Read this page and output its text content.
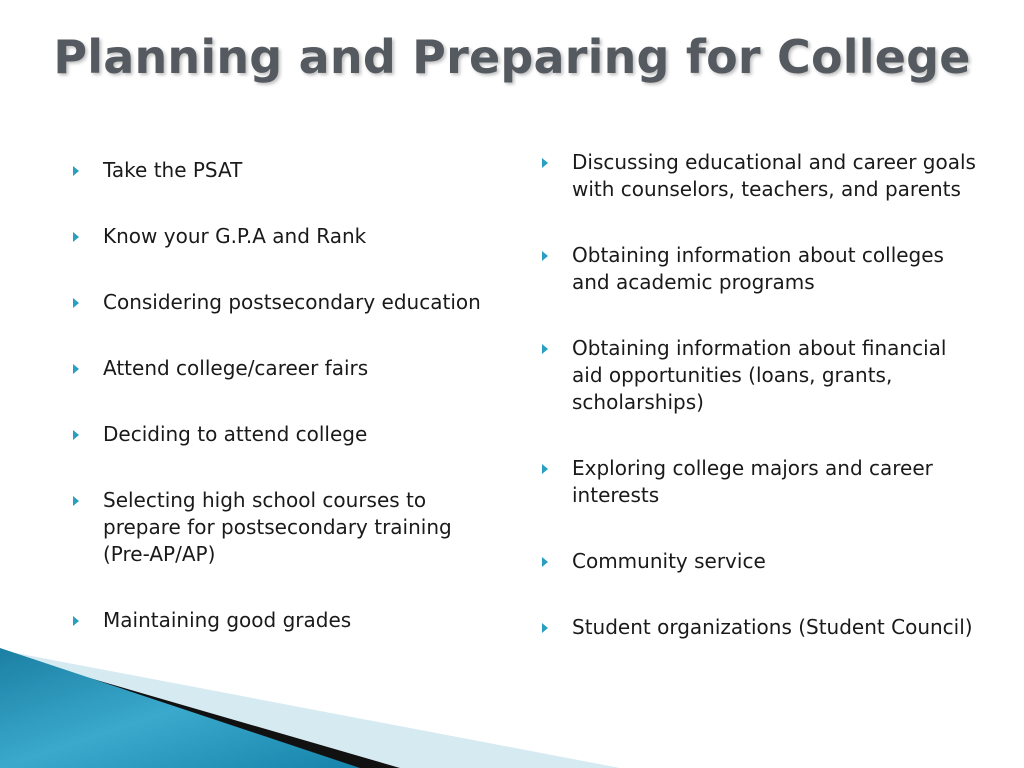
Planning and Preparing for College
Take the PSAT
Know your G.P.A and Rank
Considering postsecondary education
Attend college/career fairs
Deciding to attend college
Selecting high school courses to prepare for postsecondary training (Pre-AP/AP)
Maintaining good grades
Discussing educational and career goals with counselors, teachers, and parents
Obtaining information about colleges and academic programs
Obtaining information about financial aid opportunities (loans, grants, scholarships)
Exploring college majors and career interests
Community service
Student organizations (Student Council)
